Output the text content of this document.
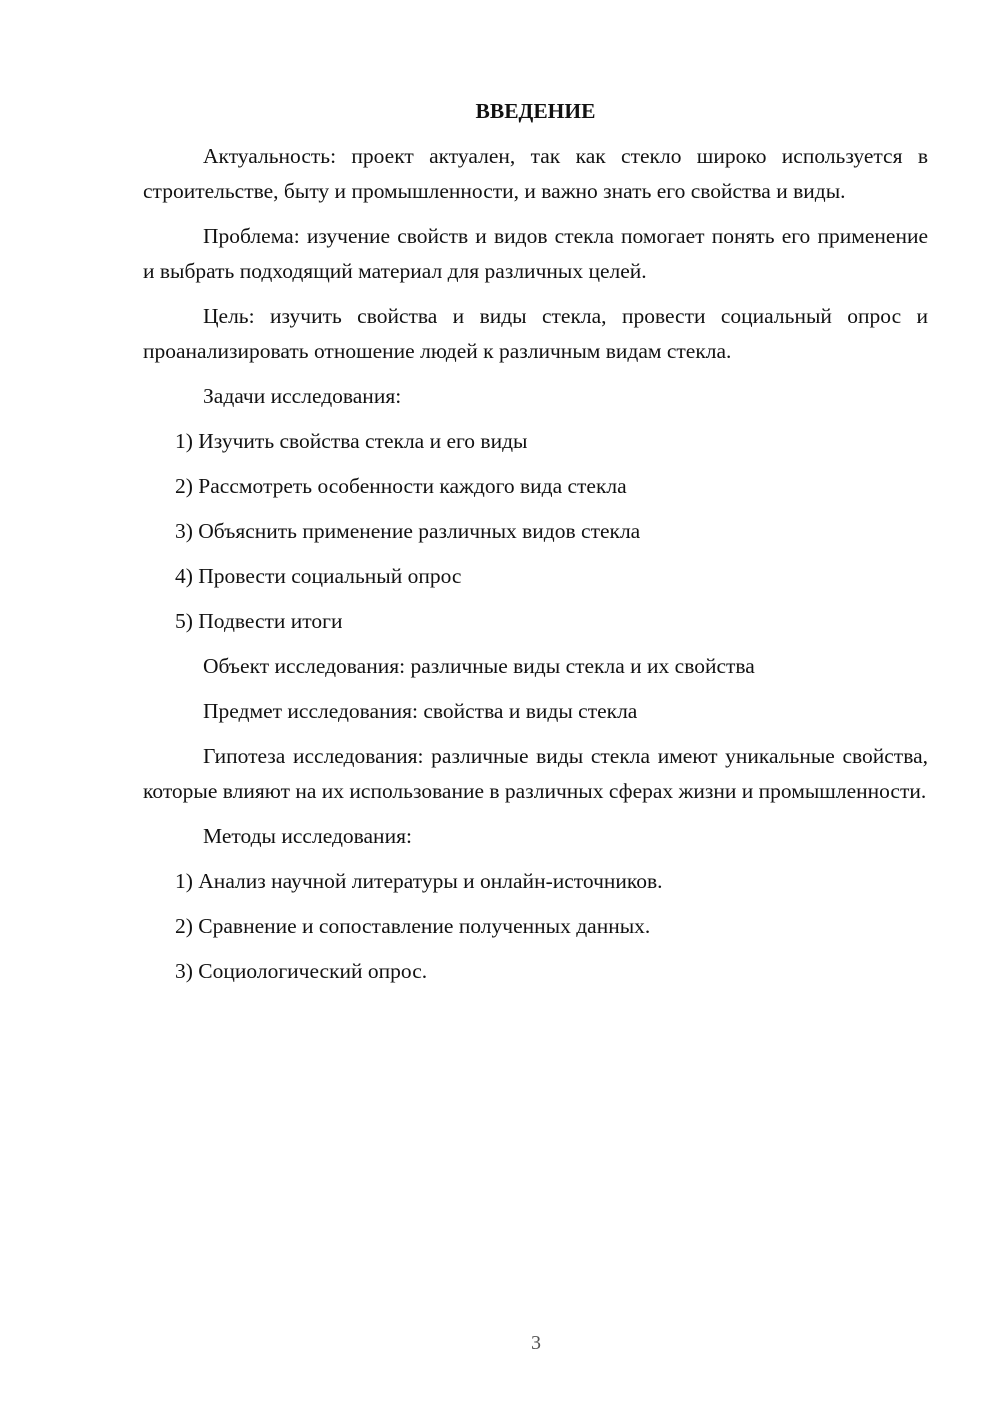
ВВЕДЕНИЕ

Актуальность: проект актуален, так как стекло широко используется в строительстве, быту и промышленности, и важно знать его свойства и виды.

Проблема: изучение свойств и видов стекла помогает понять его применение и выбрать подходящий материал для различных целей.

Цель: изучить свойства и виды стекла, провести социальный опрос и проанализировать отношение людей к различным видам стекла.

Задачи исследования:

1) Изучить свойства стекла и его виды

2) Рассмотреть особенности каждого вида стекла

3) Объяснить применение различных видов стекла

4) Провести социальный опрос

5) Подвести итоги

Объект исследования: различные виды стекла и их свойства

Предмет исследования: свойства и виды стекла

Гипотеза исследования: различные виды стекла имеют уникальные свойства, которые влияют на их использование в различных сферах жизни и промышленности.

Методы исследования:

1) Анализ научной литературы и онлайн-источников.

2) Сравнение и сопоставление полученных данных.

3) Социологический опрос.

3
